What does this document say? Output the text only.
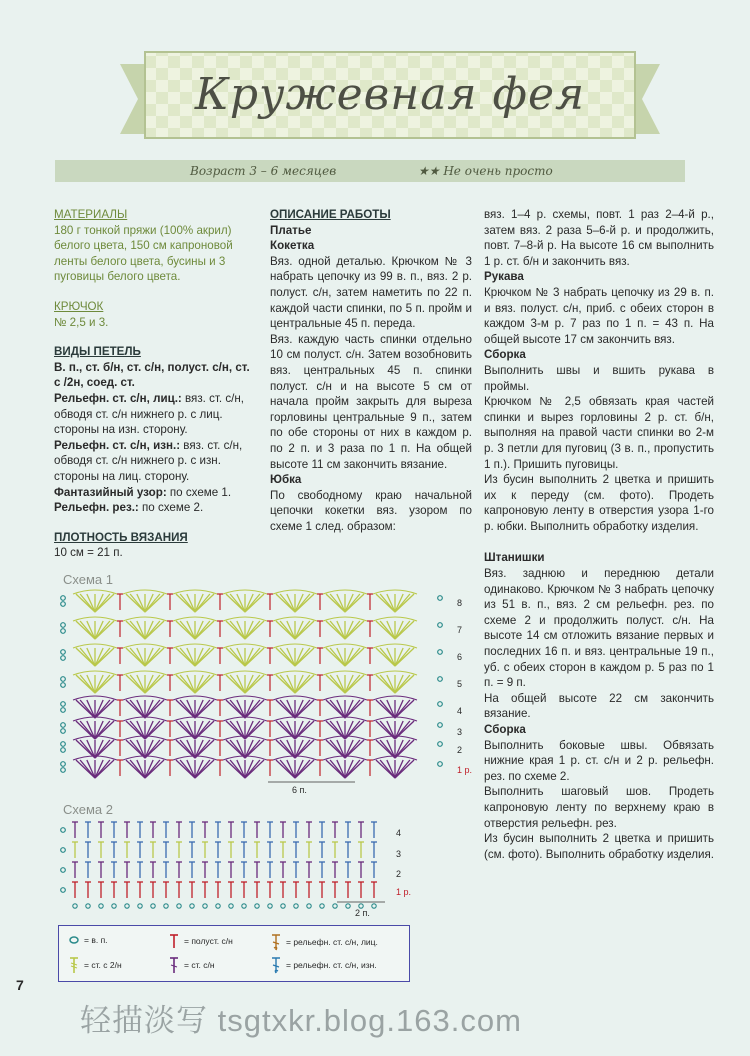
Кружевная фея
Возраст 3 – 6 месяцев	★★ Не очень просто

МАТЕРИАЛЫ

180 г тонкой пряжи (100% акрил) белого цвета, 150 см капроновой ленты белого цвета, бусины и 3 пуговицы белого цвета.

КРЮЧОК

№ 2,5 и 3.

ВИДЫ ПЕТЕЛЬ

В. п., ст. б/н, ст. с/н, полуст. с/н, ст. с /2н, соед. ст.

Рельефн. ст. с/н, лиц.: вяз. ст. с/н, обводя ст. с/н нижнего р. с лиц. стороны на изн. сторону.

Рельефн. ст. с/н, изн.: вяз. ст. с/н, обводя ст. с/н нижнего р. с изн. стороны на лиц. сторону.

Фантазийный узор: по схеме 1.

Рельефн. рез.: по схеме 2.

ПЛОТНОСТЬ ВЯЗАНИЯ

10 см = 21 п.

ОПИСАНИЕ РАБОТЫ

Платье

Кокетка

Вяз. одной деталью. Крючком № 3 набрать цепочку из 99 в. п., вяз. 2 р. полуст. с/н, затем наметить по 22 п. каждой части спинки, по 5 п. пройм и центральные 45 п. переда.

Вяз. каждую часть спинки отдельно 10 см полуст. с/н. Затем возобновить вяз. центральных 45 п. спинки полуст. с/н и на высоте 5 см от начала пройм закрыть для выреза горловины центральные 9 п., затем по обе стороны от них в каждом р. по 2 п. и 3 раза по 1 п. На общей высоте 11 см закончить вязание.

Юбка

По свободному краю начальной цепочки кокетки вяз. узором по схеме 1 след. образом:

вяз. 1–4 р. схемы, повт. 1 раз 2–4-й р., затем вяз. 2 раза 5–6-й р. и продолжить, повт. 7–8-й р. На высоте 16 см выполнить 1 р. ст. б/н и закончить вяз.

Рукава

Крючком № 3 набрать цепочку из 29 в. п. и вяз. полуст. с/н, приб. с обеих сторон в каждом 3-м р. 7 раз по 1 п. = 43 п. На общей высоте 17 см закончить вяз.

Сборка

Выполнить швы и вшить рукава в проймы.

Крючком № 2,5 обвязать края частей спинки и вырез горловины 2 р. ст. б/н, выполняя на правой части спинки во 2-м р. 3 петли для пуговиц (3 в. п., пропустить 1 п.). Пришить пуговицы.

Из бусин выполнить 2 цветка и пришить их к переду (см. фото). Продеть капроновую ленту в отверстия узора 1-го р. юбки. Выполнить обработку изделия.

Штанишки

Вяз. заднюю и переднюю детали одинаково. Крючком № 3 набрать цепочку из 51 в. п., вяз. 2 см рельефн. рез. по схеме 2 и продолжить полуст. с/н. На высоте 14 см отложить вязание первых и последних 16 п. и вяз. центральные 19 п., уб. с обеих сторон в каждом р. 5 раз по 1 п. = 9 п.

На общей высоте 22 см закончить вязание.

Сборка

Выполнить боковые швы. Обвязать нижние края 1 р. ст. с/н и 2 р. рельефн. рез. по схеме 2.

Выполнить шаговый шов. Продеть капроновую ленту по верхнему краю в отверстия рельефн. рез.

Из бусин выполнить 2 цветка и пришить (см. фото). Выполнить обработку изделия.

Схема 1
8
7
6
5
4
3
2
1 р.
6 п.
Схема 2
4
3
2
1 р.
2 п.
= в. п.
= ст. с 2/н
= полуст. с/н
= ст. с/н
= рельефн. ст. с/н, лиц.
= рельефн. ст. с/н, изн.
7
轻描淡写 tsgtxkr.blog.163.com
